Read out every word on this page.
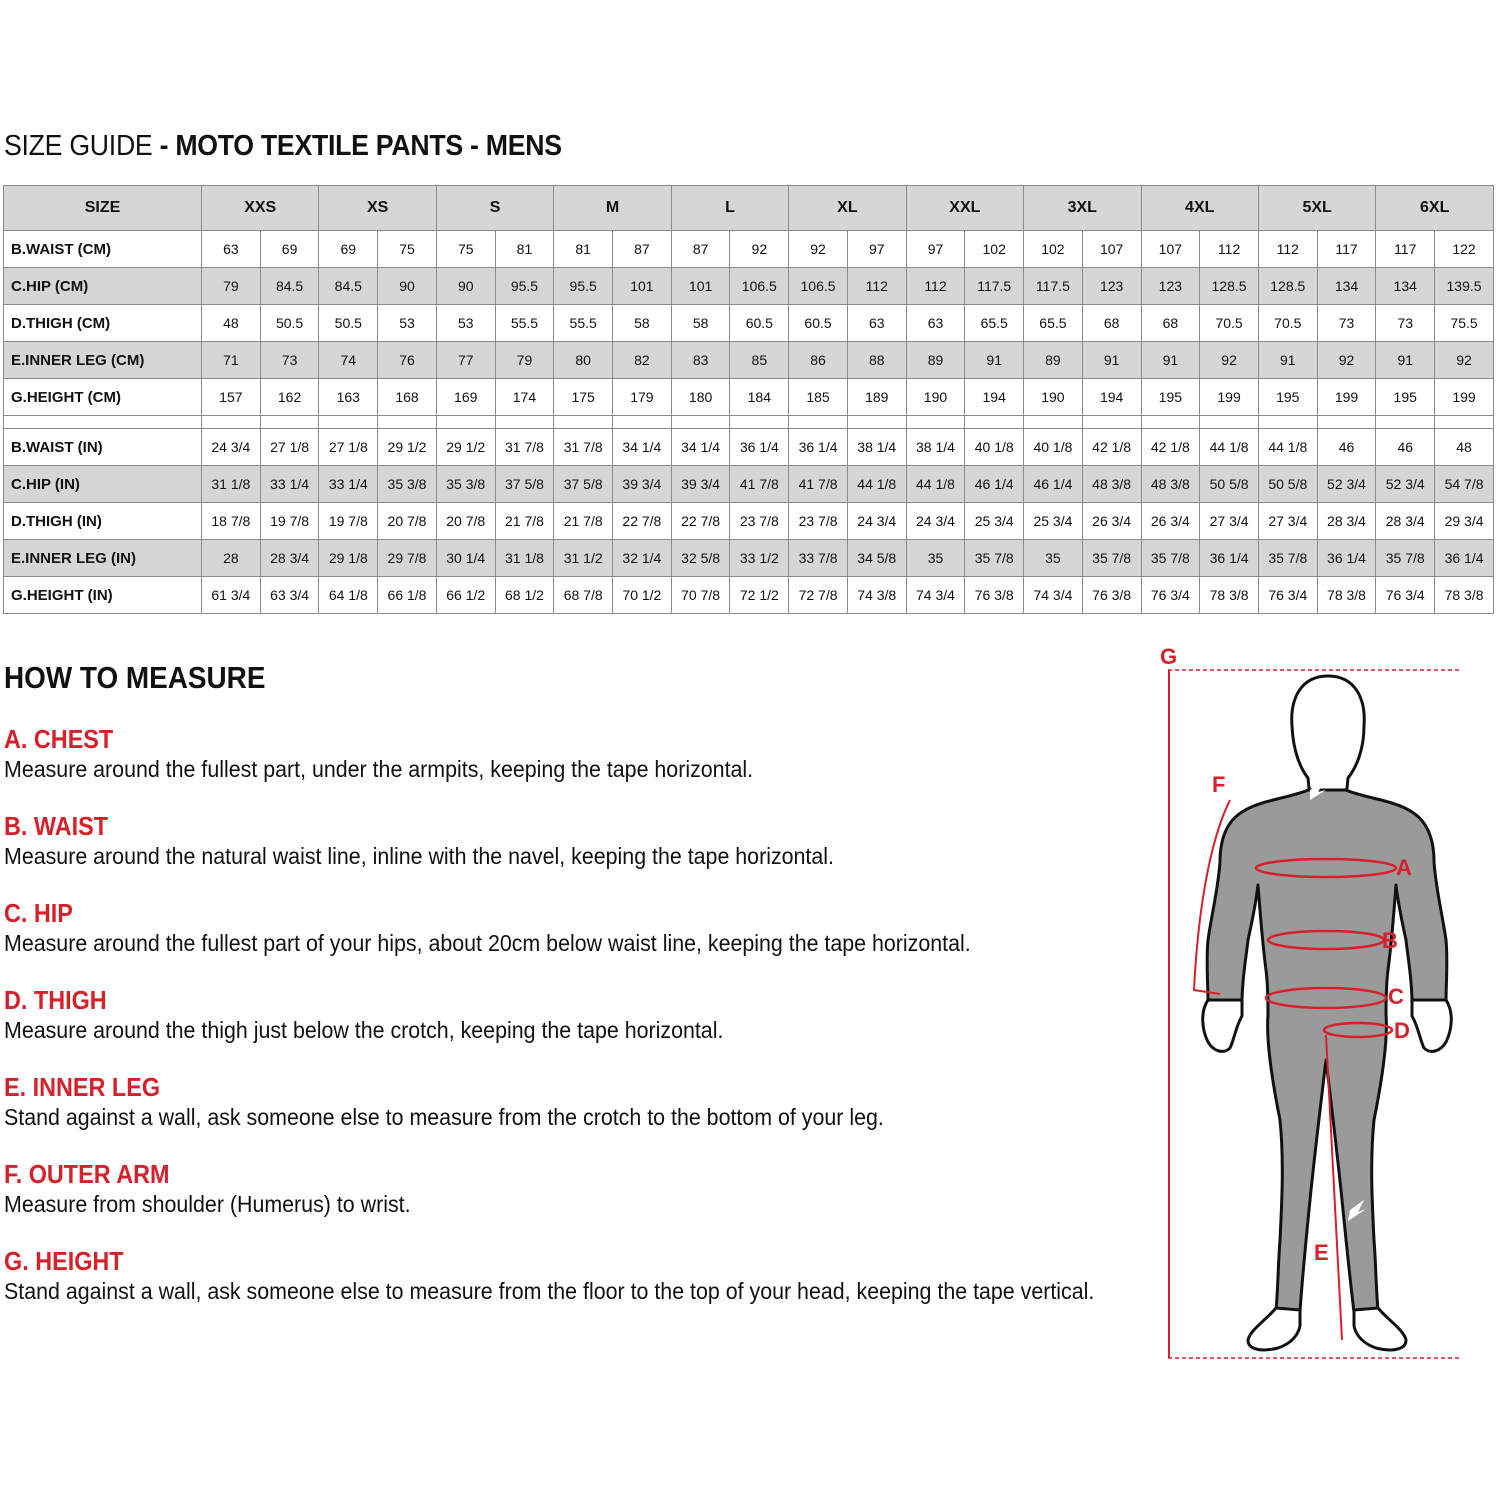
SIZE GUIDE - MOTO TEXTILE PANTS - MENS
SIZE	XXS		XS		S		M		L		XL		XXL		3XL		4XL		5XL		6XL	
B.WAIST (CM)	63	69	69	75	75	81	81	87	87	92	92	97	97	102	102	107	107	112	112	117	117	122
C.HIP (CM)	79	84.5	84.5	90	90	95.5	95.5	101	101	106.5	106.5	112	112	117.5	117.5	123	123	128.5	128.5	134	134	139.5
D.THIGH (CM)	48	50.5	50.5	53	53	55.5	55.5	58	58	60.5	60.5	63	63	65.5	65.5	68	68	70.5	70.5	73	73	75.5
E.INNER LEG (CM)	71	73	74	76	77	79	80	82	83	85	86	88	89	91	89	91	91	92	91	92	91	92
G.HEIGHT (CM)	157	162	163	168	169	174	175	179	180	184	185	189	190	194	190	194	195	199	195	199	195	199

B.WAIST (IN)	24 3/4	27 1/8	27 1/8	29 1/2	29 1/2	31 7/8	31 7/8	34 1/4	34 1/4	36 1/4	36 1/4	38 1/4	38 1/4	40 1/8	40 1/8	42 1/8	42 1/8	44 1/8	44 1/8	46	46	48
C.HIP (IN)	31 1/8	33 1/4	33 1/4	35 3/8	35 3/8	37 5/8	37 5/8	39 3/4	39 3/4	41 7/8	41 7/8	44 1/8	44 1/8	46 1/4	46 1/4	48 3/8	48 3/8	50 5/8	50 5/8	52 3/4	52 3/4	54 7/8
D.THIGH (IN)	18 7/8	19 7/8	19 7/8	20 7/8	20 7/8	21 7/8	21 7/8	22 7/8	22 7/8	23 7/8	23 7/8	24 3/4	24 3/4	25 3/4	25 3/4	26 3/4	26 3/4	27 3/4	27 3/4	28 3/4	28 3/4	29 3/4
E.INNER LEG (IN)	28	28 3/4	29 1/8	29 7/8	30 1/4	31 1/8	31 1/2	32 1/4	32 5/8	33 1/2	33 7/8	34 5/8	35	35 7/8	35	35 7/8	35 7/8	36 1/4	35 7/8	36 1/4	35 7/8	36 1/4
G.HEIGHT (IN)	61 3/4	63 3/4	64 1/8	66 1/8	66 1/2	68 1/2	68 7/8	70 1/2	70 7/8	72 1/2	72 7/8	74 3/8	74 3/4	76 3/8	74 3/4	76 3/8	76 3/4	78 3/8	76 3/4	78 3/8	76 3/4	78 3/8
HOW TO MEASURE
A. CHEST
Measure around the fullest part, under the armpits, keeping the tape horizontal.
B. WAIST
Measure around the natural waist line, inline with the navel, keeping the tape horizontal.
C. HIP
Measure around the fullest part of your hips, about 20cm below waist line, keeping the tape horizontal.
D. THIGH
Measure around the thigh just below the crotch, keeping the tape horizontal.
E. INNER LEG
Stand against a wall, ask someone else to measure from the crotch to the bottom of your leg.
F. OUTER ARM
Measure from shoulder (Humerus) to wrist.
G. HEIGHT
Stand against a wall, ask someone else to measure from the floor to the top of your head, keeping the tape vertical.
G
F
A
B
C
D
E
